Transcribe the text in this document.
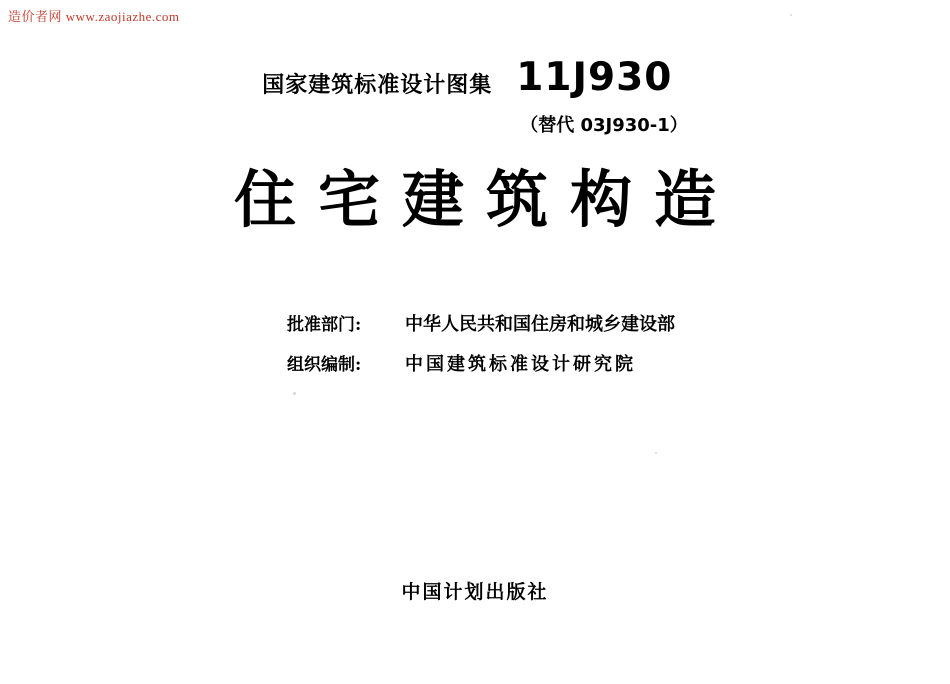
造价者网 www.zaojiazhe.com
国家建筑标准设计图集 11J930
（替代 03J930-1）
住宅建筑构造
批准部门:	中华人民共和国住房和城乡建设部
组织编制:	中国建筑标准设计研究院
中国计划出版社
